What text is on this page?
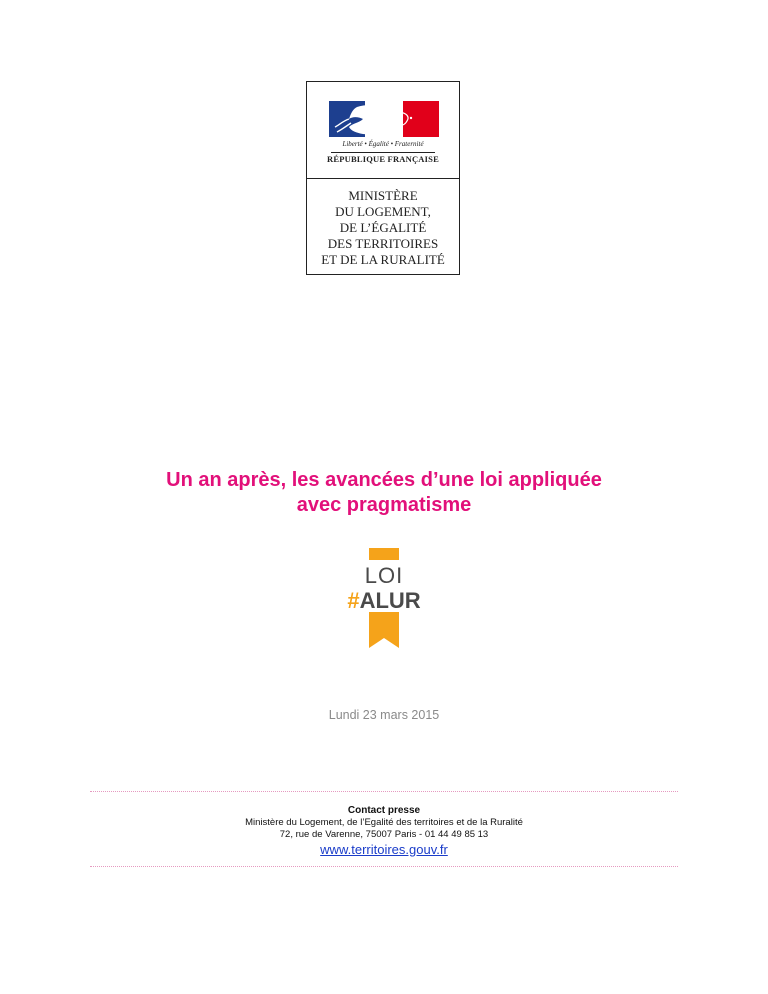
Liberté • Égalité • Fraternité
RÉPUBLIQUE FRANÇAISE
MINISTÈRE
DU LOGEMENT,
DE L’ÉGALITÉ
DES TERRITOIRES
ET DE LA RURALITÉ
Un an après, les avancées d’une loi appliquée
avec pragmatisme
LOI
#ALUR
Lundi 23 mars 2015
Contact presse
Ministère du Logement, de l’Egalité des territoires et de la Ruralité
72, rue de Varenne, 75007 Paris - 01 44 49 85 13
www.territoires.gouv.fr
